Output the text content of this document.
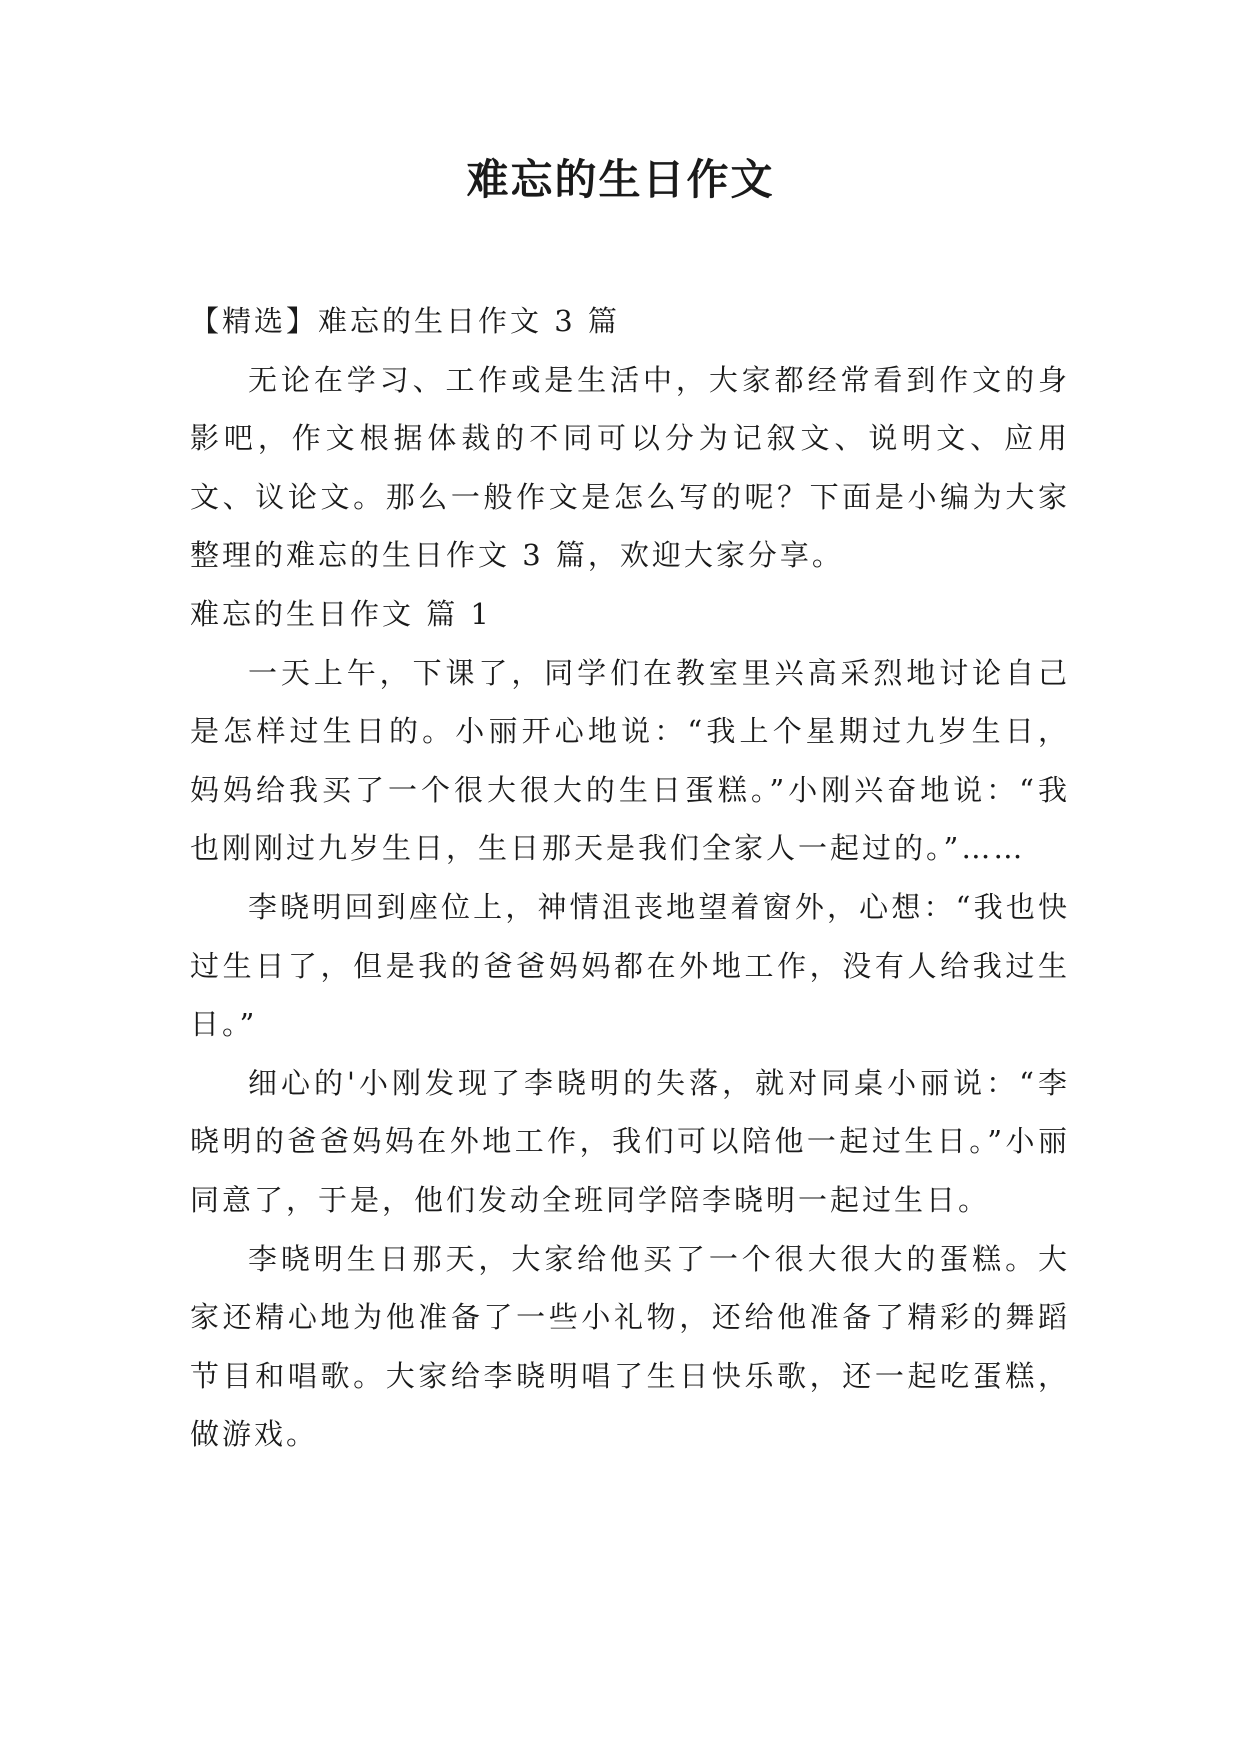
难忘的生日作文

【精选】难忘的生日作文 3 篇

无论在学习、工作或是生活中，大家都经常看到作文的身影吧，作文根据体裁的不同可以分为记叙文、说明文、应用文、议论文。那么一般作文是怎么写的呢？下面是小编为大家整理的难忘的生日作文 3 篇，欢迎大家分享。

难忘的生日作文 篇 1

一天上午，下课了，同学们在教室里兴高采烈地讨论自己是怎样过生日的。小丽开心地说：“我上个星期过九岁生日，妈妈给我买了一个很大很大的生日蛋糕。”小刚兴奋地说：“我也刚刚过九岁生日，生日那天是我们全家人一起过的。”……

李晓明回到座位上，神情沮丧地望着窗外，心想：“我也快过生日了，但是我的爸爸妈妈都在外地工作，没有人给我过生日。”

细心的'小刚发现了李晓明的失落，就对同桌小丽说：“李晓明的爸爸妈妈在外地工作，我们可以陪他一起过生日。”小丽同意了，于是，他们发动全班同学陪李晓明一起过生日。

李晓明生日那天，大家给他买了一个很大很大的蛋糕。大家还精心地为他准备了一些小礼物，还给他准备了精彩的舞蹈节目和唱歌。大家给李晓明唱了生日快乐歌，还一起吃蛋糕，做游戏。
